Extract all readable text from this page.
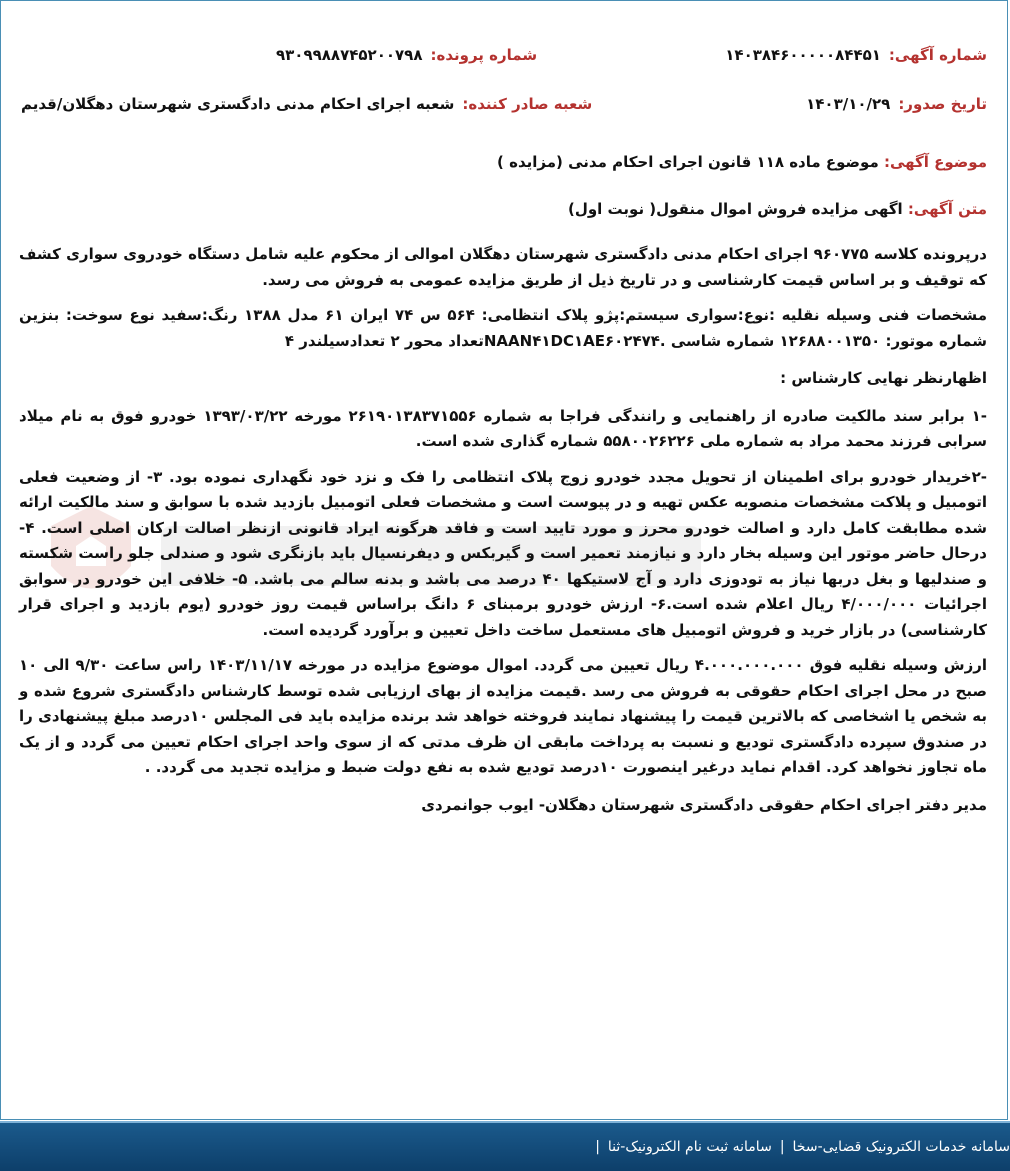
شماره آگهی:
۱۴۰۳۸۴۶۰۰۰۰۰۸۴۴۵۱
شماره پرونده:
۹۳۰۹۹۸۸۷۴۵۲۰۰۷۹۸
تاریخ صدور:
۱۴۰۳/۱۰/۲۹
شعبه صادر کننده:
شعبه اجرای احکام مدنی دادگستری شهرستان دهگلان/قدیم
موضوع آگهی: موضوع ماده ۱۱۸ قانون اجرای احکام مدنی (مزایده )
متن آگهی: اگهی مزایده فروش اموال منقول( نوبت اول)

درپرونده کلاسه ۹۶۰۷۷۵ اجرای احکام مدنی دادگستری شهرستان دهگلان اموالی از محکوم علیه شامل دستگاه خودروی سواری کشف که توقیف و بر اساس قیمت کارشناسی و در تاریخ ذیل از طریق مزایده عمومی به فروش می رسد.

مشخصات فنی وسیله نقلیه :نوع:سواری سیستم:پژو پلاک انتظامی: ۵۶۴ س ۷۴ ایران ۶۱ مدل ۱۳۸۸ رنگ:سفید نوع سوخت: بنزین شماره موتور: ۱۲۶۸۸۰۰۱۳۵۰ شماره شاسی .NAAN۴۱DC۱AE۶۰۲۴۷۴تعداد محور ۲ تعدادسیلندر ۴

اظهارنظر نهایی کارشناس :

-۱ برابر سند مالکیت صادره از راهنمایی و رانندگی فراجا به شماره ۲۶۱۹۰۱۳۸۳۷۱۵۵۶ مورخه ۱۳۹۳/۰۳/۲۲ خودرو فوق به نام میلاد سرابی فرزند محمد مراد به شماره ملی ۵۵۸۰۰۲۶۲۲۶ شماره گذاری شده است.

-۲خریدار خودرو برای اطمینان از تحویل مجدد خودرو زوج پلاک انتظامی را فک و نزد خود نگهداری نموده بود. ۳- از وضعیت فعلی اتومبیل و پلاکت مشخصات منصوبه عکس تهیه و در پیوست است و مشخصات فعلی اتومبیل بازدید شده با سوابق و سند مالکیت ارائه شده مطابقت کامل دارد و اصالت خودرو محرز و مورد تایید است و فاقد هرگونه ایراد قانونی ازنظر اصالت ارکان اصلی است. ۴- درحال حاضر موتور این وسیله بخار دارد و نیازمند تعمیر است و گیربکس و دیفرنسیال باید بازنگری شود و صندلی جلو راست شکسته و صندلیها و بغل دربها نیاز به تودوزی دارد و آج لاستیکها ۴۰ درصد می باشد و بدنه سالم می باشد. ۵- خلافی این خودرو در سوابق اجرائیات ۴/۰۰۰/۰۰۰ ریال اعلام شده است.۶- ارزش خودرو برمبنای ۶ دانگ براساس قیمت روز خودرو (یوم بازدید و اجرای قرار کارشناسی) در بازار خرید و فروش اتومبیل های مستعمل ساخت داخل تعیین و برآورد گردیده است.

ارزش وسیله نقلیه فوق ۴.۰۰۰.۰۰۰.۰۰۰ ریال تعیین می گردد. اموال موضوع مزایده در مورخه ۱۴۰۳/۱۱/۱۷ راس ساعت ۹/۳۰ الی ۱۰ صبح در محل اجرای احکام حقوقی به فروش می رسد .قیمت مزایده از بهای ارزیابی شده توسط کارشناس دادگستری شروع شده و به شخص یا اشخاصی که بالاترین قیمت را پیشنهاد نمایند فروخته خواهد شد برنده مزایده باید فی المجلس ۱۰درصد مبلغ پیشنهادی را در صندوق سپرده دادگستری تودیع و نسبت به پرداخت مابقی ان ظرف مدتی که از سوی واحد اجرای احکام تعیین می گردد و از یک ماه تجاوز نخواهد کرد. اقدام نماید درغیر اینصورت ۱۰درصد تودیع شده به نفع دولت ضبط و مزایده تجدید می گردد. .

مدیر دفتر اجرای احکام حقوقی دادگستری شهرستان دهگلان- ایوب جوانمردی

سامانه خدمات الکترونیک قضایی-سخا
|
سامانه ثبت نام الکترونیک-ثنا
|
